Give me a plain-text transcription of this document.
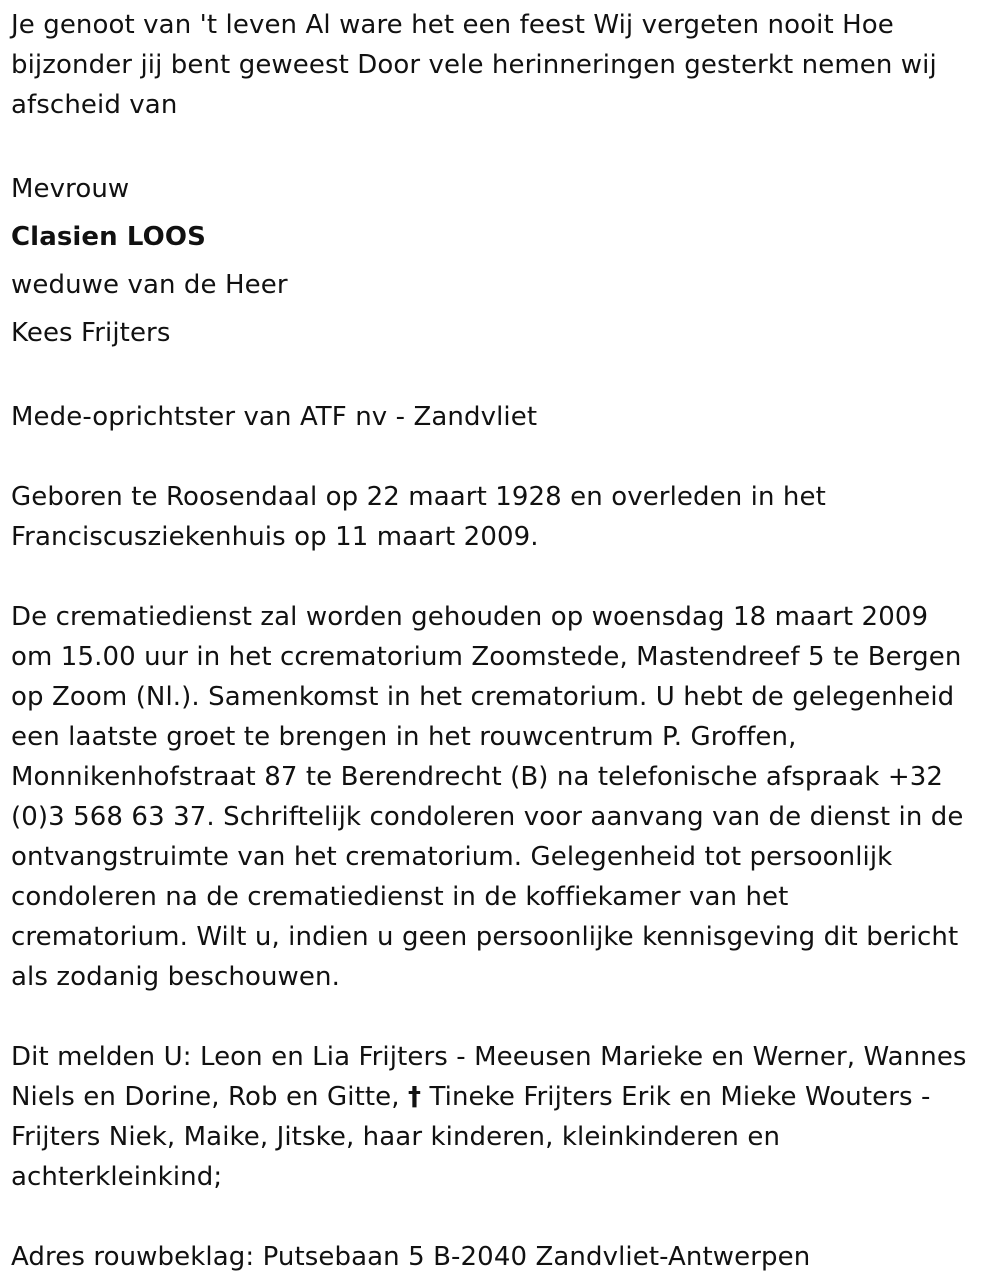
Je genoot van 't leven Al ware het een feest Wij vergeten nooit Hoe
bijzonder jij bent geweest Door vele herinneringen gesterkt nemen wij
afscheid van
Mevrouw
Clasien LOOS
weduwe van de Heer
Kees Frijters
Mede-oprichtster van ATF nv - Zandvliet
Geboren te Roosendaal op 22 maart 1928 en overleden in het
Franciscusziekenhuis op 11 maart 2009.
De crematiedienst zal worden gehouden op woensdag 18 maart 2009
om 15.00 uur in het ccrematorium Zoomstede, Mastendreef 5 te Bergen
op Zoom (Nl.). Samenkomst in het crematorium. U hebt de gelegenheid
een laatste groet te brengen in het rouwcentrum P. Groffen,
Monnikenhofstraat 87 te Berendrecht (B) na telefonische afspraak +32
(0)3 568 63 37. Schriftelijk condoleren voor aanvang van de dienst in de
ontvangstruimte van het crematorium. Gelegenheid tot persoonlijk
condoleren na de crematiedienst in de koffiekamer van het
crematorium. Wilt u, indien u geen persoonlijke kennisgeving dit bericht
als zodanig beschouwen.
Dit melden U: Leon en Lia Frijters - Meeusen Marieke en Werner, Wannes
Niels en Dorine, Rob en Gitte, † Tineke Frijters Erik en Mieke Wouters -
Frijters Niek, Maike, Jitske, haar kinderen, kleinkinderen en
achterkleinkind;
Adres rouwbeklag: Putsebaan 5 B-2040 Zandvliet-Antwerpen
